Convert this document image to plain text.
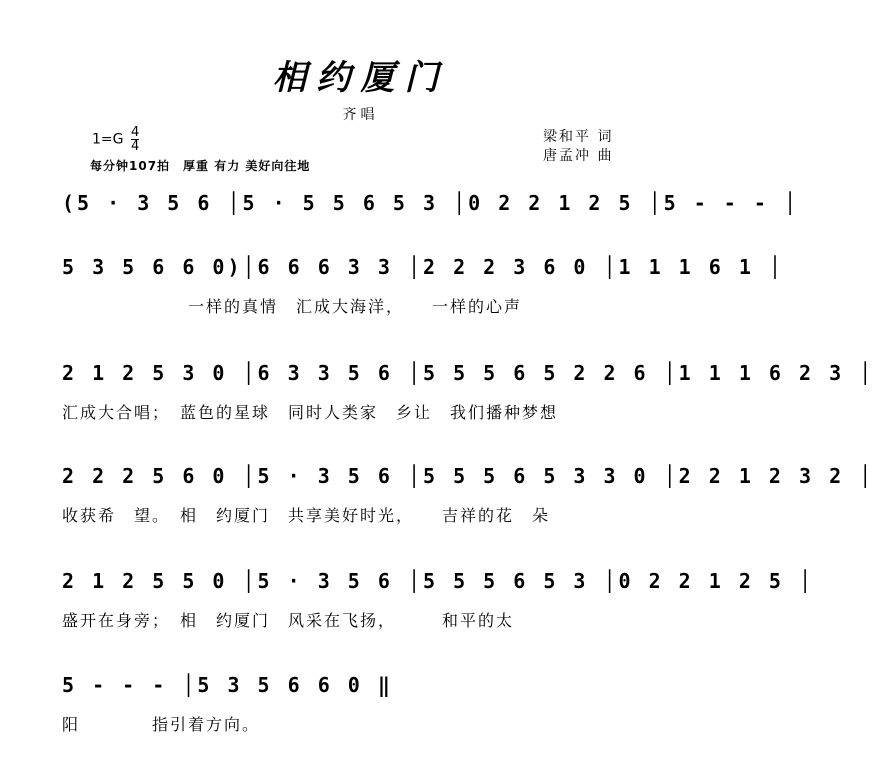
相约厦门
齐唱
$1=G \frac{4}{4}$
每分钟107拍　厚重 有力 美好向往地
梁和平 词
唐孟冲 曲
(5 · 3 5 6 │5 · 5 5 6 5 3 │0 2 2 1 2 5 │5 - - - │
5 3 5 6 6 0)│6 6 6 3 3 │2 2 2 3 6 0 │1 1 1 6 1 │
　　　　　　　一样的真情　汇成大海洋，　　一样的心声
2 1 2 5 3 0 │6 3 3 5 6 │5 5 5 6 5 2 2 6 │1 1 1 6 2 3 │
汇成大合唱；　蓝色的星球　同时人类家　乡让　我们播种梦想
2 2 2 5 6 0 │5 · 3 5 6 │5 5 5 6 5 3 3 0 │2 2 1 2 3 2 │
收获希　望。　相　约厦门　共享美好时光，　　吉祥的花　朵
2 1 2 5 5 0 │5 · 3 5 6 │5 5 5 6 5 3 │0 2 2 1 2 5 │
盛开在身旁；　相　约厦门　风采在飞扬，　　　和平的太
5 - - - │5 3 5 6 6 0 ‖
阳　　　　指引着方向。
